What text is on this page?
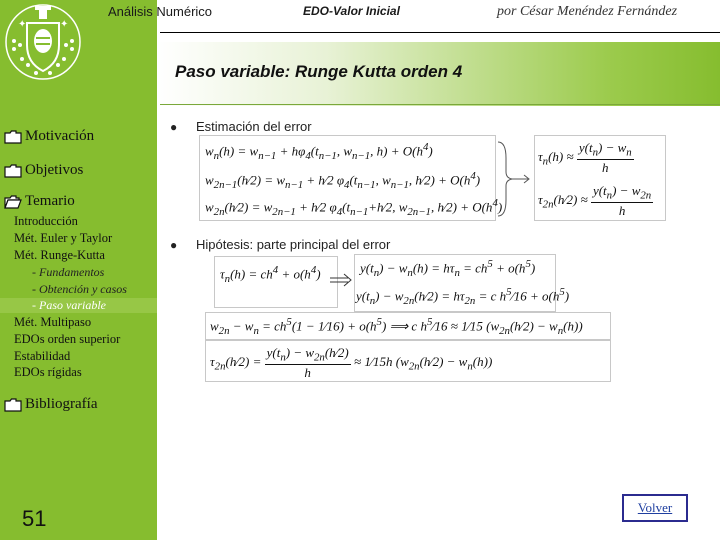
✦	✦
Análisis Numérico	EDO-Valor Inicial	por César Menéndez Fernández
Paso variable: Runge Kutta orden 4
Motivación
Objetivos
Temario
Introducción
Mét. Euler y Taylor
Mét. Runge-Kutta
- Fundamentos
- Obtención y casos
- Paso variable
Mét. Multipaso
EDOs orden superior
Estabilidad
EDOs rígidas
Bibliografía
51
● Estimación del error
● Hipótesis: parte principal del error
$w_n(h) = w_{n-1} + h\varphi_4(t_{n-1}$, $w_{n-1}$, $h) + O(h^4)$
$w_{2n-1}(h⁄2) = w_{n-1}$ + h⁄2 $\varphi_4(t_{n-1}$, $w_{n-1}$, h⁄2) + $O(h^4)$
$w_{2n}(h⁄2) = w_{2n-1}$ + h⁄2 $\varphi_4(t_{n-1}+h⁄2$, $w_{2n-1}$, h⁄2) + $O(h^4)$
$\tau_n(h) \approx \frac{y(t_n) - w_n}{h}$
$\tau_{2n}(h⁄2) \approx \frac{y(t_n) - w_{2n}}{h}$
$\tau_n(h) = ch^4 + o(h^4)$	$y(t_n) - w_n(h) = h\tau_n = ch^5 + o(h^5)$
$y(t_n)$ − $w_{2n}(h⁄2) = h\tau_{2n} = c$ $h^5⁄16 + o(h^5)$
$w_{2n} - w_n = ch^5(1$ − 1⁄16) + $o(h^5)$ ⟹ c $h^5⁄16$ ≈ 1⁄15 $(w_{2n}(h⁄2) - w_n(h))$
$\tau_{2n}(h⁄2) = \frac{y(t_n) - w_{2n}(h⁄2)}{h}$ ≈ 1⁄15h $(w_{2n}(h⁄2) - w_n(h))$
Volver
